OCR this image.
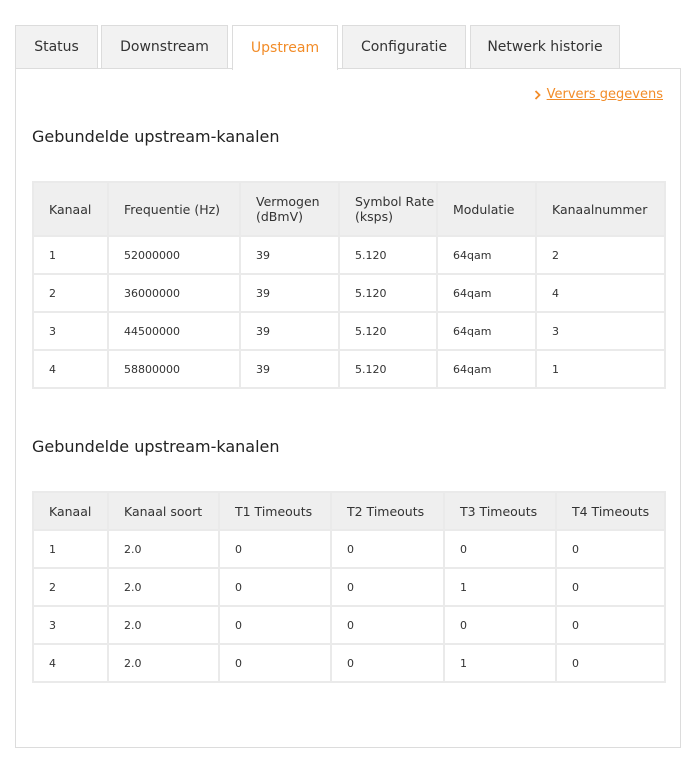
Status	Downstream	Upstream	Configuratie	Netwerk historie
Ververs gegevens
Gebundelde upstream-kanalen
Kanaal	Frequentie (Hz)	Vermogen (dBmV)	Symbol Rate (ksps)	Modulatie	Kanaalnummer
1	52000000	39	5.120	64qam	2
2	36000000	39	5.120	64qam	4
3	44500000	39	5.120	64qam	3
4	58800000	39	5.120	64qam	1
Gebundelde upstream-kanalen
Kanaal	Kanaal soort	T1 Timeouts	T2 Timeouts	T3 Timeouts	T4 Timeouts
1	2.0	0	0	0	0
2	2.0	0	0	1	0
3	2.0	0	0	0	0
4	2.0	0	0	1	0
